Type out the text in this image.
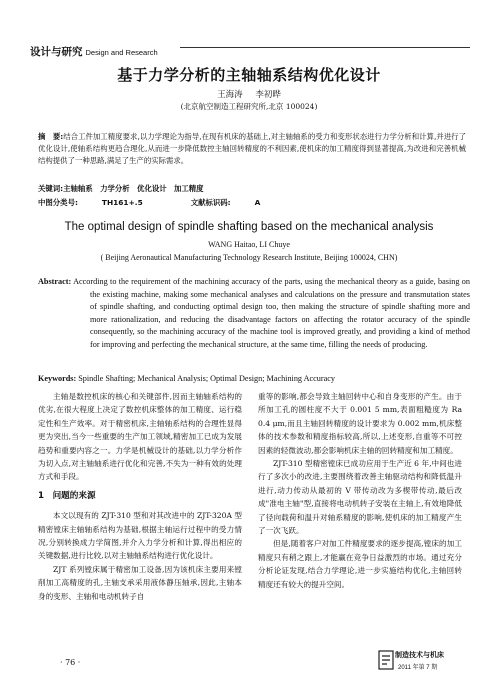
设计与研究 Design and Research
基于力学分析的主轴轴系结构优化设计
王海涛 李初晔
(北京航空制造工程研究所,北京 100024)
摘　要:结合工件加工精度要求,以力学理论为指导,在现有机床的基础上,对主轴轴系的受力和变形状态进行力学分析和计算,并进行了优化设计,使轴系结构更趋合理化,从而进一步降低数控主轴回转精度的不利因素,使机床的加工精度得到显著提高,为改进和完善机械结构提供了一种思路,满足了生产的实际需求。
关键词:主轴轴系　力学分析　优化设计　加工精度
中图分类号:	TH161+.5	文献标识码:	A
The optimal design of spindle shafting based on the mechanical analysis
WANG Haitao, LI Chuye
( Beijing Aeronautical Manufacturing Technology Research Institute, Beijing 100024, CHN)
Abstract: According to the requirement of the machining accuracy of the parts, using the mechanical theory as a guide, basing on the existing machine, making some mechanical analyses and calculations on the pressure and transmutation states of spindle shafting, and conducting optimal design too, then making the structure of spindle shafting more and more rationalization, and reducing the disadvantage factors on affecting the rotator accuracy of the spindle consequently, so the machining accuracy of the machine tool is improved greatly, and providing a kind of method for improving and perfecting the mechanical structure, at the same time, filling the needs of producing.
Keywords: Spindle Shafting; Mechanical Analysis; Optimal Design; Machining Accuracy

主轴是数控机床的核心和关键部件,因而主轴轴系结构的优劣,在很大程度上决定了数控机床整体的加工精度、运行稳定性和生产效率。对于精密机床,主轴轴系结构的合理性显得更为突出,当今一些重要的生产加工领域,精密加工已成为发展趋势和重要内容之一。力学是机械设计的基础,以力学分析作为切入点,对主轴轴系进行优化和完善,不失为一种有效的处理方式和手段。

1　问题的来源

本文以现有的 ZJT-310 型和对其改进中的 ZJT-320A 型精密镗床主轴轴系结构为基础,根据主轴运行过程中的受力情况,分别转换成力学简图,并介入力学分析和计算,得出相应的关键数据,进行比较,以对主轴轴系结构进行优化设计。

ZJT 系列镗床属于精密加工设备,因为该机床主要用来镗削加工高精度的孔,主轴支承采用液体静压轴承,因此,主轴本身的变形、主轴和电动机转子自

重等的影响,都会导致主轴回转中心和自身变形的产生。由于所加工孔的圆柱度不大于 0.001 5 mm,表面粗糙度为 Ra 0.4 μm,而且主轴回转精度的设计要求为 0.002 mm,机床整体的技术参数和精度指标较高,所以,上述变形,自重等不可控因素的轻微波动,都会影响机床主轴的回转精度和加工精度。

ZJT-310 型精密镗床已成功应用于生产近 6 年,中间也进行了多次小的改进,主要围绕着改善主轴驱动结构和降低温升进行,动力传动从最初的 V 带传动改为多楔带传动,最后改成"准电主轴"型,直接将电动机转子安装在主轴上,有效地降低了径向载荷和温升对轴系精度的影响,使机床的加工精度产生了一次飞跃。

但是,随着客户对加工件精度要求的逐步提高,镗床的加工精度只有稍之跟上,才能赢在竞争日益激烈的市场。通过充分分析论证发现,结合力学理论,进一步实施结构优化,主轴回转精度还有较大的提升空间。

· 76 ·
制造技术与机床
2011 年第 7 期
